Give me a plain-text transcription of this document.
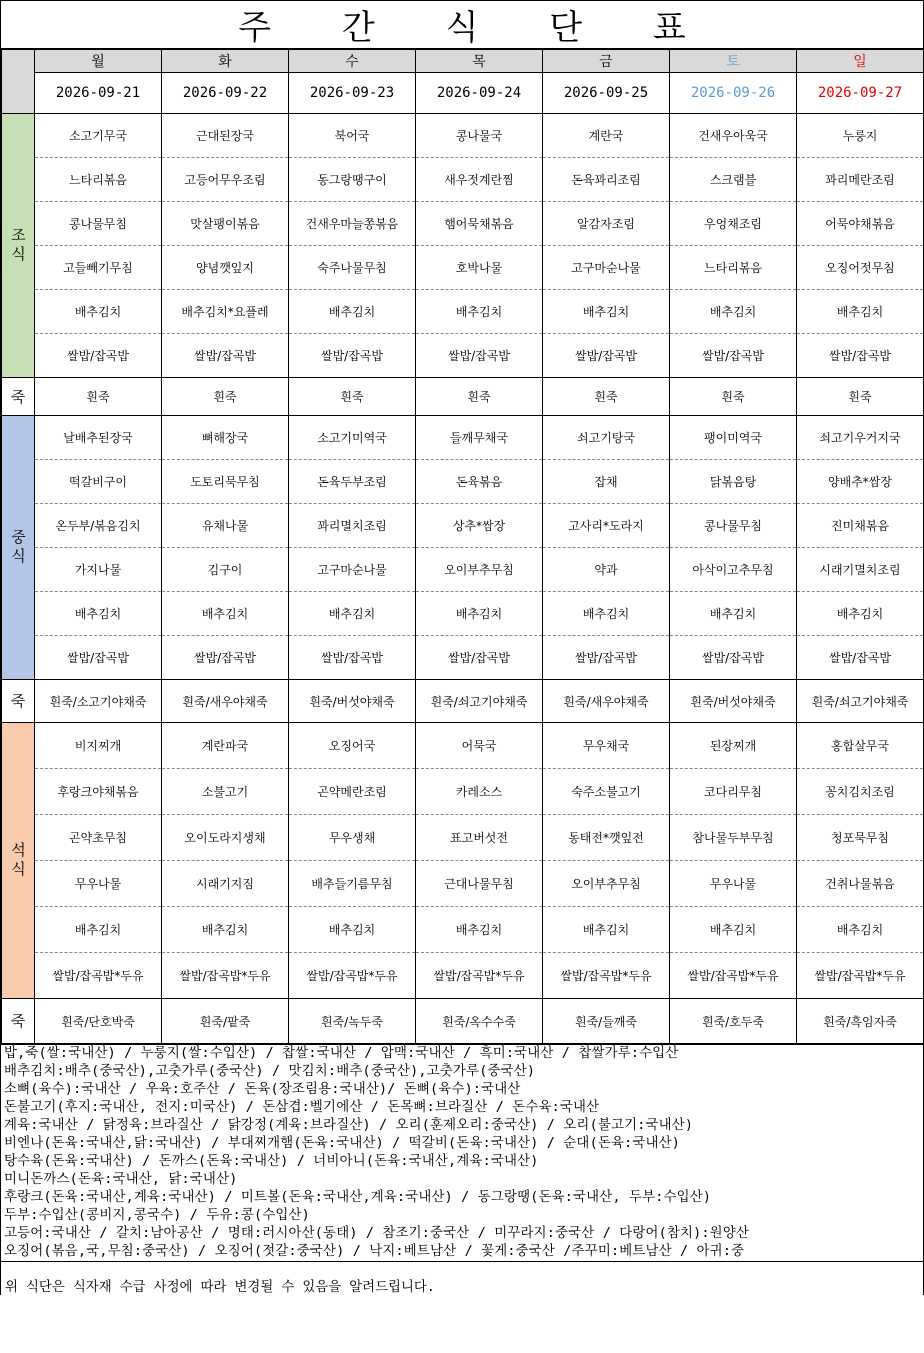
주 간 식 단 표
	월	화	수	목	금	토	일
	2026-09-21	2026-09-22	2026-09-23	2026-09-24	2026-09-25	2026-09-26	2026-09-27
조식	소고기무국	근대된장국	북어국	콩나물국	계란국	건새우아욱국	누룽지
	느타리볶음	고등어무우조림	동그랑땡구이	새우젓계란찜	돈육꽈리조림	스크램블	꽈리메란조림
	콩나물무침	맛살팽이볶음	건새우마늘쫑볶음	햄어묵채볶음	알감자조림	우엉채조림	어묵야채볶음
	고들빼기무침	양념깻잎지	숙주나물무침	호박나물	고구마순나물	느타리볶음	오징어젓무침
	배추김치	배추김치*요플레	배추김치	배추김치	배추김치	배추김치	배추김치
	쌀밥/잡곡밥	쌀밥/잡곡밥	쌀밥/잡곡밥	쌀밥/잡곡밥	쌀밥/잡곡밥	쌀밥/잡곡밥	쌀밥/잡곡밥
죽	흰죽	흰죽	흰죽	흰죽	흰죽	흰죽	흰죽
중식	날배추된장국	뼈해장국	소고기미역국	들깨무채국	쇠고기탕국	팽이미역국	쇠고기우거지국
	떡갈비구이	도토리묵무침	돈육두부조림	돈육볶음	잡채	닭볶음탕	양배추*쌈장
	온두부/볶음김치	유채나물	꽈리멸치조림	상추*쌈장	고사리*도라지	콩나물무침	진미채볶음
	가지나물	김구이	고구마순나물	오이부추무침	약과	아삭이고추무침	시래기멸치조림
	배추김치	배추김치	배추김치	배추김치	배추김치	배추김치	배추김치
	쌀밥/잡곡밥	쌀밥/잡곡밥	쌀밥/잡곡밥	쌀밥/잡곡밥	쌀밥/잡곡밥	쌀밥/잡곡밥	쌀밥/잡곡밥
죽	흰죽/소고기야채죽	흰죽/새우야채죽	흰죽/버섯야채죽	흰죽/쇠고기야채죽	흰죽/새우야채죽	흰죽/버섯야채죽	흰죽/쇠고기야채죽
석식	비지찌개	계란파국	오징어국	어묵국	무우채국	된장찌개	홍합살무국
	후랑크야채볶음	소불고기	곤약메란조림	카레소스	숙주소불고기	코다리무침	꽁치김치조림
	곤약초무침	오이도라지생채	무우생채	표고버섯전	동태전*깻잎전	참나물두부무침	청포묵무침
	무우나물	시래기지짐	배추들기름무침	근대나물무침	오이부추무침	무우나물	건취나물볶음
	배추김치	배추김치	배추김치	배추김치	배추김치	배추김치	배추김치
	쌀밥/잡곡밥*두유	쌀밥/잡곡밥*두유	쌀밥/잡곡밥*두유	쌀밥/잡곡밥*두유	쌀밥/잡곡밥*두유	쌀밥/잡곡밥*두유	쌀밥/잡곡밥*두유
죽	흰죽/단호박죽	흰죽/팥죽	흰죽/녹두죽	흰죽/옥수수죽	흰죽/들깨죽	흰죽/호두죽	흰죽/흑임자죽
밥,죽(쌀:국내산) / 누룽지(쌀:수입산) / 찹쌀:국내산 / 압맥:국내산 / 흑미:국내산 / 찹쌀가루:수입산
배추김치:배추(중국산),고춧가루(중국산) / 맛김치:배추(중국산),고춧가루(중국산)
소뼈(육수):국내산 / 우육:호주산 / 돈육(장조림용:국내산)/ 돈뼈(육수):국내산
돈불고기(후지:국내산, 전지:미국산) / 돈삼겹:벨기에산 / 돈목뼈:브라질산 / 돈수육:국내산
계육:국내산 / 닭정육:브라질산 / 닭강정(계육:브라질산) / 오리(훈제오리:중국산) / 오리(불고기:국내산)
비엔나(돈육:국내산,닭:국내산) / 부대찌개햄(돈육:국내산) / 떡갈비(돈육:국내산) / 순대(돈육:국내산)
탕수육(돈육:국내산) / 돈까스(돈육:국내산) / 너비아니(돈육:국내산,계육:국내산)
미니돈까스(돈육:국내산, 닭:국내산)
후랑크(돈육:국내산,계육:국내산) / 미트볼(돈육:국내산,계육:국내산) / 동그랑땡(돈육:국내산, 두부:수입산)
두부:수입산(콩비지,콩국수) / 두유:콩(수입산)
고등어:국내산 / 갈치:남아공산 / 명태:러시아산(동태) / 참조기:중국산 / 미꾸라지:중국산 / 다랑어(참치):원양산
오징어(볶음,국,무침:중국산) / 오징어(젓갈:중국산) / 낙지:베트남산 / 꽃게:중국산 /주꾸미:베트남산 / 아귀:중
위 식단은 식자재 수급 사정에 따라 변경될 수 있음을 알려드립니다.
